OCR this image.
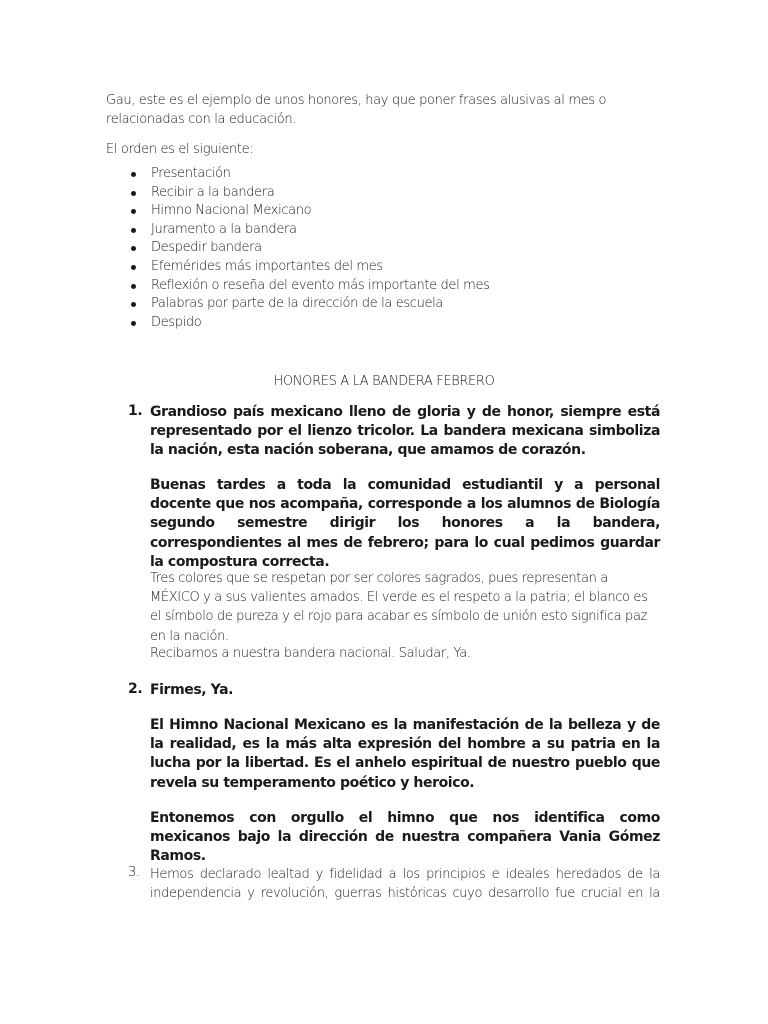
Gau, este es el ejemplo de unos honores, hay que poner frases alusivas al mes o relacionadas con la educación.

El orden es el siguiente:

Presentación
Recibir a la bandera
Himno Nacional Mexicano
Juramento a la bandera
Despedir bandera
Efemérides más importantes del mes
Reflexión o reseña del evento más importante del mes
Palabras por parte de la dirección de la escuela
Despido

HONORES A LA BANDERA FEBRERO

1. Grandioso país mexicano lleno de gloria y de honor, siempre está representado por el lienzo tricolor. La bandera mexicana simboliza la nación, esta nación soberana, que amamos de corazón.

Buenas tardes a toda la comunidad estudiantil y a personal docente que nos acompaña, corresponde a los alumnos de Biología segundo semestre dirigir los honores a la bandera, correspondientes al mes de febrero; para lo cual pedimos guardar la compostura correcta.

Tres colores que se respetan por ser colores sagrados, pues representan a MÉXICO y a sus valientes amados. El verde es el respeto a la patria; el blanco es el símbolo de pureza y el rojo para acabar es símbolo de unión esto significa paz en la nación.

Recibamos a nuestra bandera nacional. Saludar, Ya.

2. Firmes, Ya.

El Himno Nacional Mexicano es la manifestación de la belleza y de la realidad, es la más alta expresión del hombre a su patria en la lucha por la libertad. Es el anhelo espiritual de nuestro pueblo que revela su temperamento poético y heroico.

Entonemos con orgullo el himno que nos identifica como mexicanos bajo la dirección de nuestra compañera Vania Gómez Ramos.

3. Hemos declarado lealtad y fidelidad a los principios e ideales heredados de la independencia y revolución, guerras históricas cuyo desarrollo fue crucial en la
